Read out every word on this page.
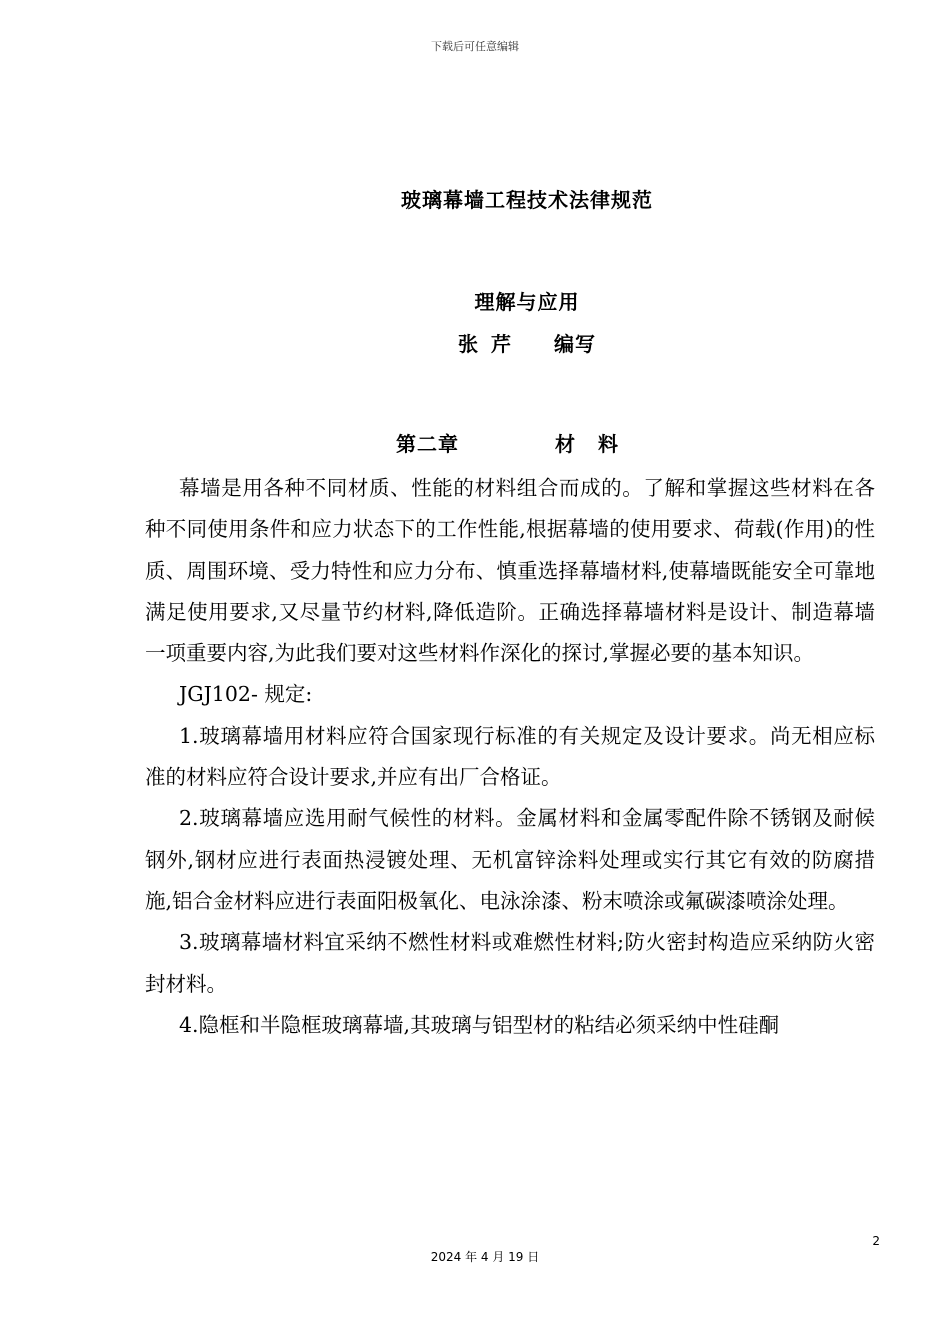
下载后可任意编辑
玻璃幕墙工程技术法律规范
理解与应用
张 芹 编写
第二章	材 料

幕墙是用各种不同材质、性能的材料组合而成的。了解和掌握这些材料在各种不同使用条件和应力状态下的工作性能,根据幕墙的使用要求、荷载(作用)的性质、周围环境、受力特性和应力分布、慎重选择幕墙材料,使幕墙既能安全可靠地满足使用要求,又尽量节约材料,降低造阶。正确选择幕墙材料是设计、制造幕墙一项重要内容,为此我们要对这些材料作深化的探讨,掌握必要的基本知识。

JGJ102- 规定:

1.玻璃幕墙用材料应符合国家现行标准的有关规定及设计要求。尚无相应标准的材料应符合设计要求,并应有出厂合格证。

2.玻璃幕墙应选用耐气候性的材料。金属材料和金属零配件除不锈钢及耐候钢外,钢材应进行表面热浸镀处理、无机富锌涂料处理或实行其它有效的防腐措施,铝合金材料应进行表面阳极氧化、电泳涂漆、粉末喷涂或氟碳漆喷涂处理。

3.玻璃幕墙材料宜采纳不燃性材料或难燃性材料;防火密封构造应采纳防火密封材料。

4.隐框和半隐框玻璃幕墙,其玻璃与铝型材的粘结必须采纳中性硅酮

2
2024 年 4 月 19 日
